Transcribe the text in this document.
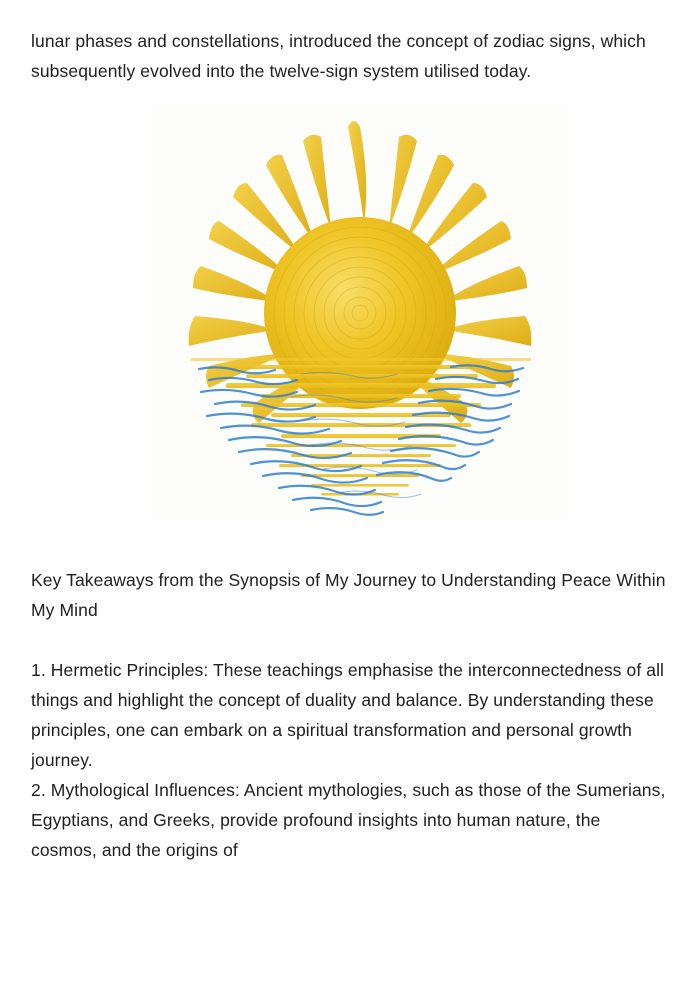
lunar phases and constellations, introduced the concept of zodiac signs, which subsequently evolved into the twelve-sign system utilised today.

Key Takeaways from the Synopsis of My Journey to Understanding Peace Within My Mind

1. Hermetic Principles: These teachings emphasise the interconnectedness of all things and highlight the concept of duality and balance. By understanding these principles, one can embark on a spiritual transformation and personal growth journey.

2. Mythological Influences: Ancient mythologies, such as those of the Sumerians, Egyptians, and Greeks, provide profound insights into human nature, the cosmos, and the origins of
